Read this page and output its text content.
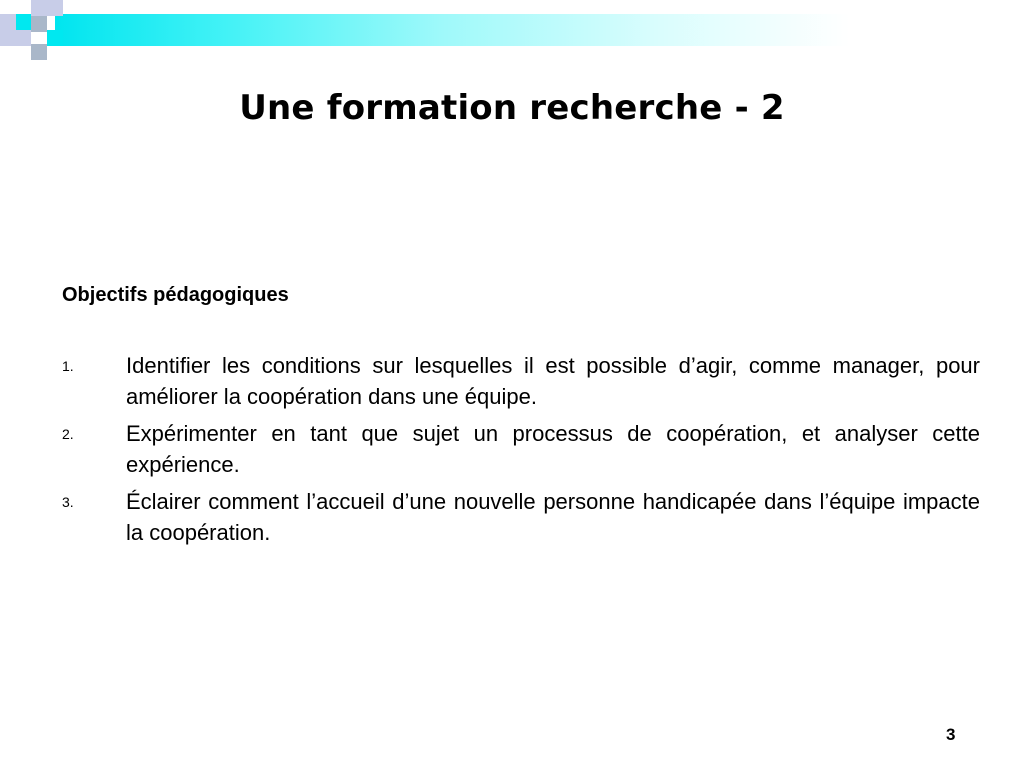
Une formation recherche - 2
Objectifs pédagogiques
1. Identifier les conditions sur lesquelles il est possible d’agir, comme manager, pour améliorer la coopération dans une équipe.
2. Expérimenter en tant que sujet un processus de coopération, et analyser cette expérience.
3. Éclairer comment l’accueil d’une nouvelle personne handicapée dans l’équipe impacte la coopération.
3
